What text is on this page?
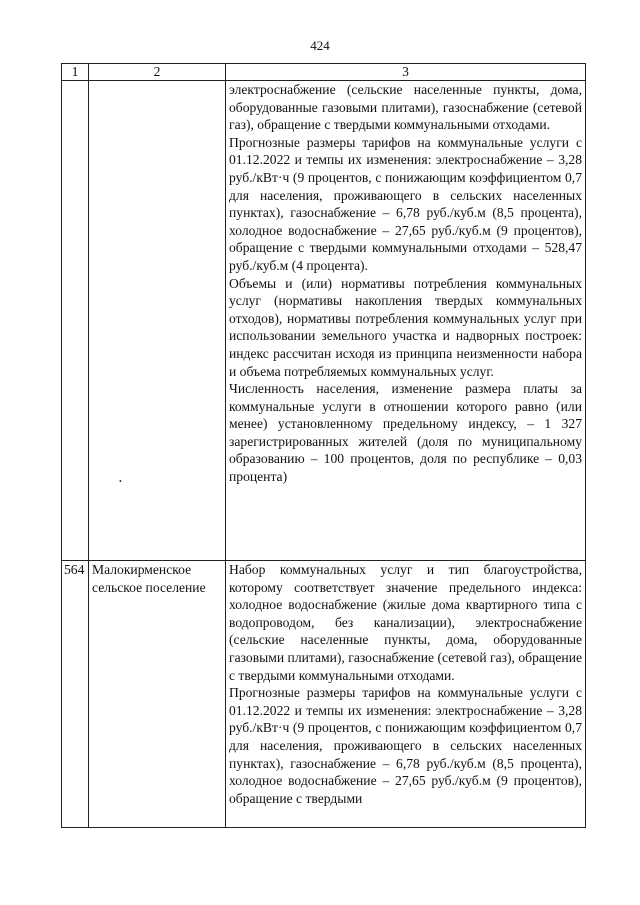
424
1	2	3

		электроснабжение (сельские населенные пункты, дома, оборудованные газовыми плитами), газоснабжение (сетевой газ), обращение с твердыми коммунальными отходами.

Прогнозные размеры тарифов на коммунальные услуги с 01.12.2022 и темпы их изменения: электроснабжение – 3,28 руб./кВт·ч (9 процентов, с понижающим коэффициентом 0,7 для населения, проживающего в сельских населенных пунктах), газоснабжение – 6,78 руб./куб.м (8,5 процента), холодное водоснабжение – 27,65 руб./куб.м (9 процентов), обращение с твердыми коммунальными отходами – 528,47 руб./куб.м (4 процента).

Объемы и (или) нормативы потребления коммунальных услуг (нормативы накопления твердых коммунальных отходов), нормативы потребления коммунальных услуг при использовании земельного участка и надворных построек: индекс рассчитан исходя из принципа неизменности набора и объема потребляемых коммунальных услуг.

Численность населения, изменение размера платы за коммунальные услуги в отношении которого равно (или менее) установленному предельному индексу, – 1 327 зарегистрированных жителей (доля по муниципальному образованию – 100 процентов, доля по республике – 0,03 процента)

564	Малокирменское сельское поселение	Набор коммунальных услуг и тип благоустройства, которому соответствует значение предельного индекса: холодное водоснабжение (жилые дома квартирного типа с водопроводом, без канализации), электроснабжение (сельские населенные пункты, дома, оборудованные газовыми плитами), газоснабжение (сетевой газ), обращение с твердыми коммунальными отходами.

Прогнозные размеры тарифов на коммунальные услуги с 01.12.2022 и темпы их изменения: электроснабжение – 3,28 руб./кВт·ч (9 процентов, с понижающим коэффициентом 0,7 для населения, проживающего в сельских населенных пунктах), газоснабжение – 6,78 руб./куб.м (8,5 процента), холодное водоснабжение – 27,65 руб./куб.м (9 процентов), обращение с твердыми

•
